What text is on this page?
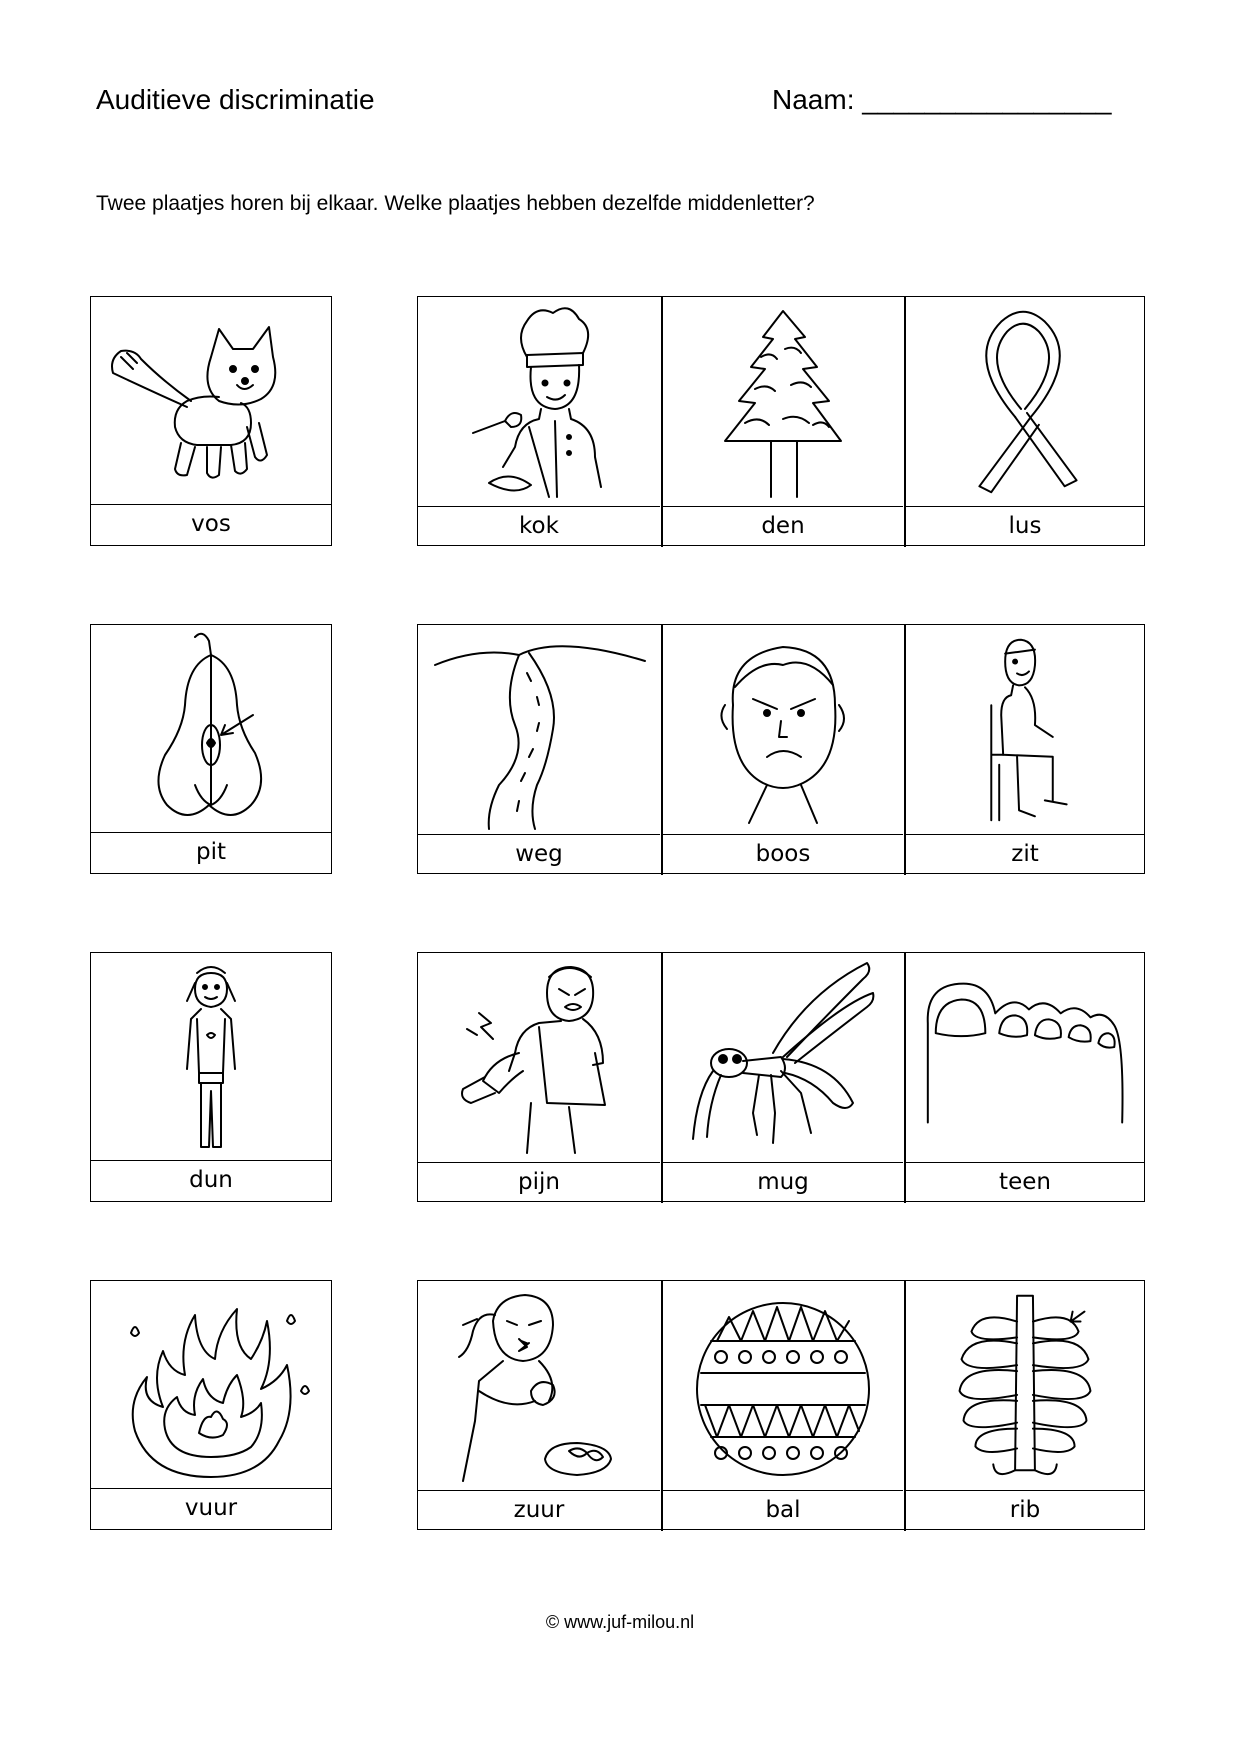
Auditieve discriminatie	Naam: ________________
Twee plaatjes horen bij elkaar. Welke plaatjes hebben dezelfde middenletter?
vos	kok	den	lus
pit	weg	boos	zit
dun	pijn	mug	teen
vuur	zuur	bal	rib
© www.juf-milou.nl
